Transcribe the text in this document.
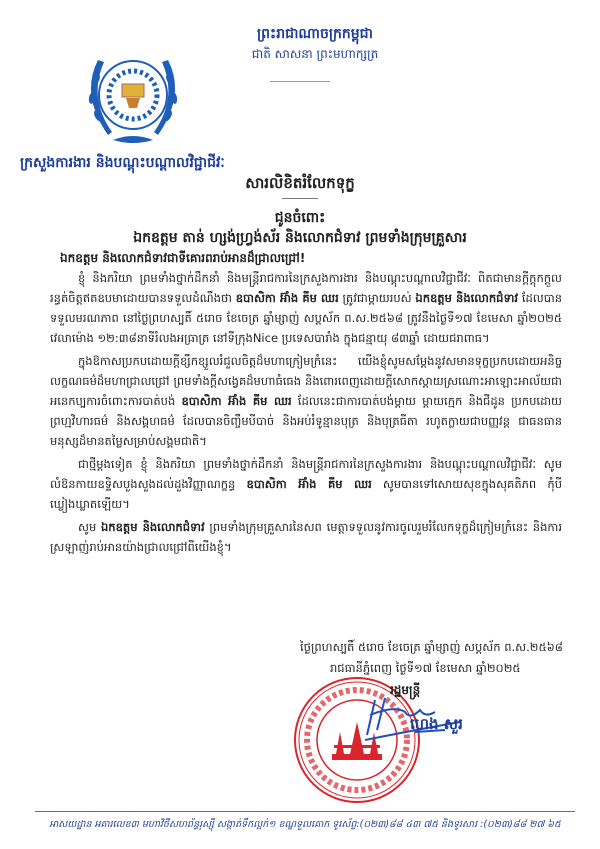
ព្រះរាជាណាចក្រកម្ពុជា
ជាតិ សាសនា ព្រះមហាក្សត្រ
ក្រសួងការងារ និងបណ្តុះបណ្តាលវិជ្ជាជីវៈ
សារលិខិតរំលែកទុក្ខ
ជូនចំពោះ
ឯកឧត្តម តាន់ ហ្សង់ហ្វ្រង់ស័រ និងលោកជំទាវ ព្រមទាំងក្រុមគ្រួសារ
ឯកឧត្តម និងលោកជំទាវជាទីគោរពរាប់អានដ៏ជ្រាលជ្រៅ!

ខ្ញុំ និងភរិយា ព្រមទាំងថ្នាក់ដឹកនាំ និងមន្ត្រីរាជការនៃក្រសួងការងារ និងបណ្តុះបណ្តាលវិជ្ជាជីវៈ ពិតជាមានក្តីក្តុកក្តួលរន្ធត់ចិត្តឥតឧបមាដោយបានទទួលដំណឹងថា ឧបាសិកា អ៊ាំង គីម ឈរ ត្រូវជាម្តាយរបស់ ឯកឧត្តម និងលោកជំទាវ ដែលបានទទួលមរណភាព នៅថ្ងៃព្រហស្បតិ៍ ៥រោច ខែចេត្រ ឆ្នាំម្សាញ់ សប្តស័ក ព.ស.២៥៦៨ ត្រូវនឹងថ្ងៃទី១៧ ខែមេសា ឆ្នាំ២០២៥ វេលាម៉ោង ១២:៣៨នាទីរំលងអធ្រាត្រ នៅទីក្រុងNice ប្រទេសបារាំង ក្នុងជន្មាយុ ៨៣ឆ្នាំ ដោយជរាពាធ។

ក្នុងឱកាសប្រកបដោយក្តីខ្សឹកខ្សួលរំជួលចិត្តដ៏មហាក្រៀមក្រំនេះ យើងខ្ញុំសូមសម្តែងនូវសមានទុក្ខប្រកបដោយអនិច្ចលក្ខណធម៌ដ៏មហាជ្រាលជ្រៅ ព្រមទាំងក្តីសង្វេគដ៏មហាធំធេង និងពោរពេញដោយក្តីសោកស្តាយស្រណោះអាឡោះអាល័យជាអនេកប្បការចំពោះការបាត់បង់ ឧបាសិកា អ៊ាំង គីម ឈរ ដែលនេះជាការបាត់បង់ម្តាយ ម្តាយក្មេក និងជីដូន ប្រកបដោយព្រហ្មវិហារធម៌ និងសង្គហធម៌ ដែលបានចិញ្ចឹមបីបាច់ និងអប់រំទូន្មានបុត្រ និងបុត្រធីតា រហូតក្លាយជាបញ្ញវន្ត ជាធនធានមនុស្សដ៏មានតម្លៃសម្រាប់សង្គមជាតិ។

ជាថ្មីម្តងទៀត ខ្ញុំ និងភរិយា ព្រមទាំងថ្នាក់ដឹកនាំ និងមន្ត្រីរាជការនៃក្រសួងការងារ និងបណ្តុះបណ្តាលវិជ្ជាជីវៈ សូមលំឱនកាយឧទ្ទិសបួងសួងដល់ដួងវិញ្ញាណក្ខន្ធ ឧបាសិកា អ៊ាំង គីម ឈរ សូមបានទៅសោយសុខក្នុងសុគតិភព កុំបីឃ្លៀងឃ្លាតឡើយ។

សូម ឯកឧត្តម និងលោកជំទាវ ព្រមទាំងក្រុមគ្រួសារនៃសព មេត្តាទទួលនូវការចូលរួមរំលែកទុក្ខដ៏ក្រៀមក្រំនេះ និងការស្រឡាញ់រាប់អានយ៉ាងជ្រាលជ្រៅពីយើងខ្ញុំ។

ថ្ងៃព្រហស្បតិ៍ ៥រោច ខែចេត្រ ឆ្នាំម្សាញ់ សប្តស័ក ព.ស.២៥៦៨
រាជធានីភ្នំពេញ ថ្ងៃទី១៧ ខែមេសា ឆ្នាំ២០២៥
រដ្ឋមន្ត្រី
ហេង សួរ
អាសយដ្ឋាន អគារលេខ៣ មហាវិថីសហព័ន្ធរុស្ស៊ី សង្កាត់ទឹកល្អក់១ ខណ្ឌទួលគោក ទូរស័ព្ទ:(០២៣)៨៨ ៤៣ ៧៥ និងទូរសារ :(០២៣)៨៨ ២៧ ៦៥
